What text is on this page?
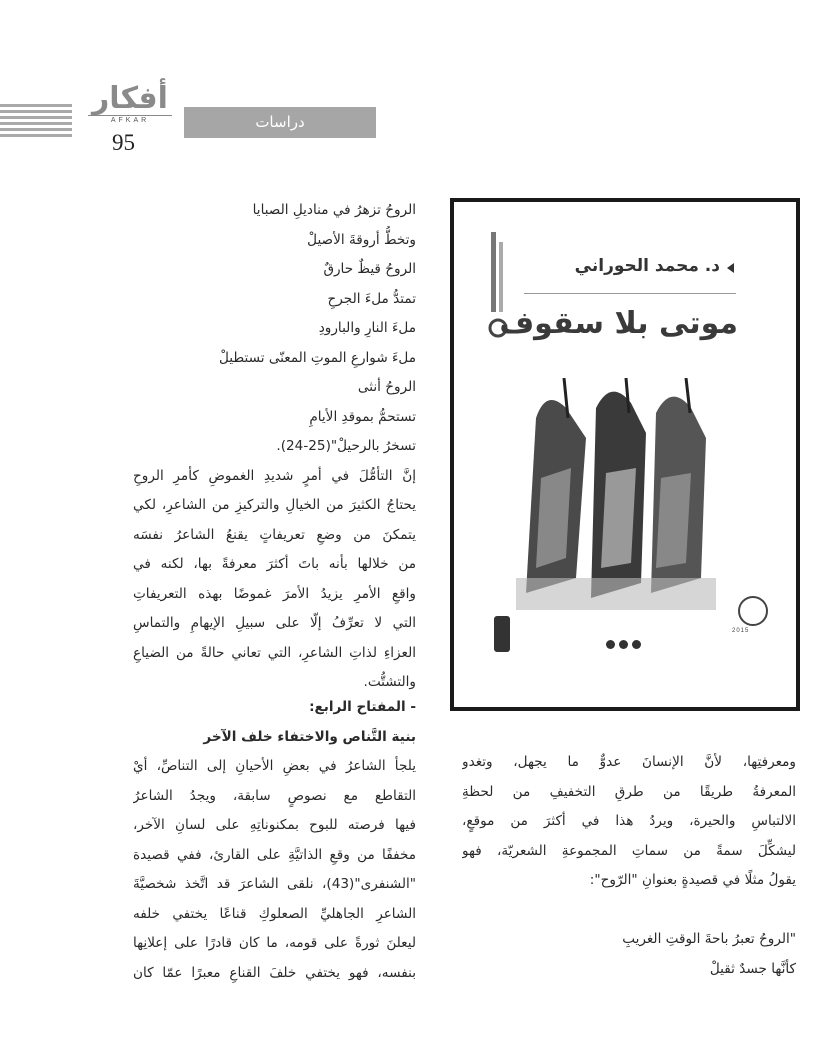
أفكار
AFKAR
95
دراسات
الروحُ تزهرُ في مناديلِ الصبايا
وتخطُّ أروقةَ الأصيلْ
الروحُ قيظٌ حارقٌ
تمتدُّ ملءَ الجرحِ
ملءَ النارِ والبارودِ
ملءَ شوارعِ الموتِ المعنّى تستطيلْ
الروحُ أنثى
تستحمُّ بموقدِ الأيامِ
تسخرُ بالرحيلْ"(25-24).
إنَّ التأمُّلَ في أمرٍ شديدِ الغموضِ كأمرِ الروحِ
يحتاجُ الكثيرَ من الخيالِ والتركيزِ من الشاعرِ، لكي
يتمكنَ من وضعِ تعريفاتٍ يقنعُ الشاعرُ نفسَه
من خلالها بأنه باتَ أكثرَ معرفةً بها، لكنه في
واقعِ الأمرِ يزيدُ الأمرَ غموضًا بهذه التعريفاتِ
التي لا تعرِّفُ إلّا على سبيلِ الإيهامِ والتماسِ
العزاءِ لذاتِ الشاعرِ، التي تعاني حالةً من الضياعِ
والتشتُّت.
- المفتاح الرابع:
بنية التَّناص والاختفاء خلف الآخر
يلجأ الشاعرُ في بعضِ الأحيانِ إلى التناصِّ، أيْ
التقاطع مع نصوصٍ سابقة، ويجدُ الشاعرُ
فيها فرصته للبوح بمكنوناتِهِ على لسانِ الآخر،
مخففًا من وقعِ الذاتيَّةِ على القارئ، ففي قصيدة
"الشنفرى"(43)، نلقى الشاعرَ قد اتَّخذ شخصيَّةَ
الشاعرِ الجاهليِّ الصعلوكِ قناعًا يختفي خلفه
ليعلنَ ثورةً على قومه، ما كان قادرًا على إعلانِها
بنفسه، فهو يختفي خلفَ القناعِ معبرًا عمّا كان
ومعرفتِها، لأنَّ الإنسانَ عدوٌّ ما يجهل، وتغدو
المعرفةُ طريقًا من طرقِ التخفيفِ من لحظةِ
الالتباسِ والحيرة، ويردُ هذا في أكثرَ من موقعٍ،
ليشكِّلَ سمةً من سماتِ المجموعةِ الشعريّة، فهو
يقولُ مثلًا في قصيدةٍ بعنوانِ "الرّوح":
"الروحُ تعبرُ باحةَ الوقتِ الغريبِ
كأنَّها جسدٌ ثقيلْ
د. محمد الحوراني
موتى بلا سقوف
2015
